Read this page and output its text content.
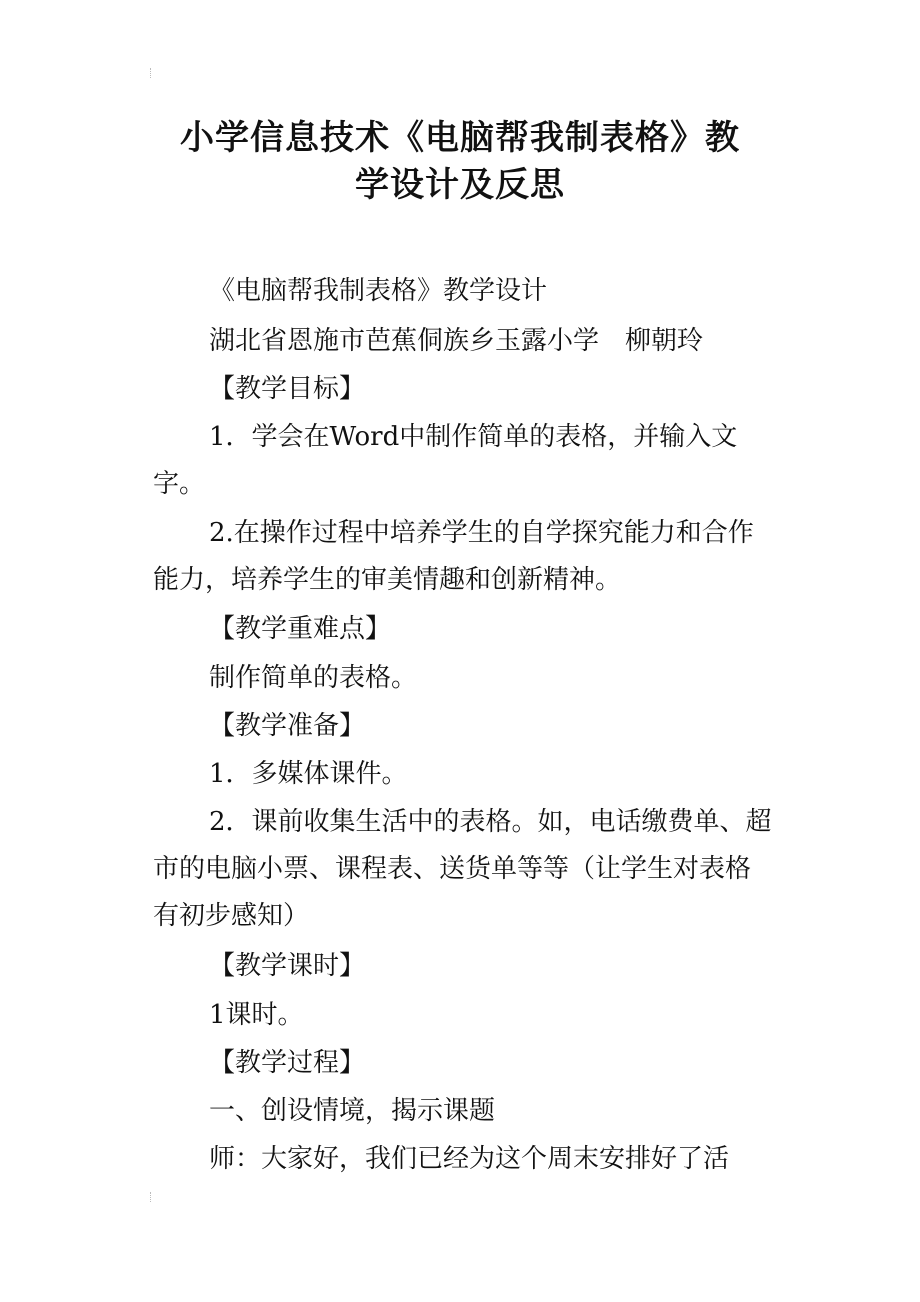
小学信息技术《电脑帮我制表格》教
学设计及反思

《电脑帮我制表格》教学设计

湖北省恩施市芭蕉侗族乡玉露小学　柳朝玲

【教学目标】

1．学会在Word中制作简单的表格，并输入文字。

2.在操作过程中培养学生的自学探究能力和合作能力，培养学生的审美情趣和创新精神。

【教学重难点】

制作简单的表格。

【教学准备】

1．多媒体课件。

2．课前收集生活中的表格。如，电话缴费单、超市的电脑小票、课程表、送货单等等（让学生对表格有初步感知）

【教学课时】

1课时。

【教学过程】

一、创设情境，揭示课题

师：大家好，我们已经为这个周末安排好了活
